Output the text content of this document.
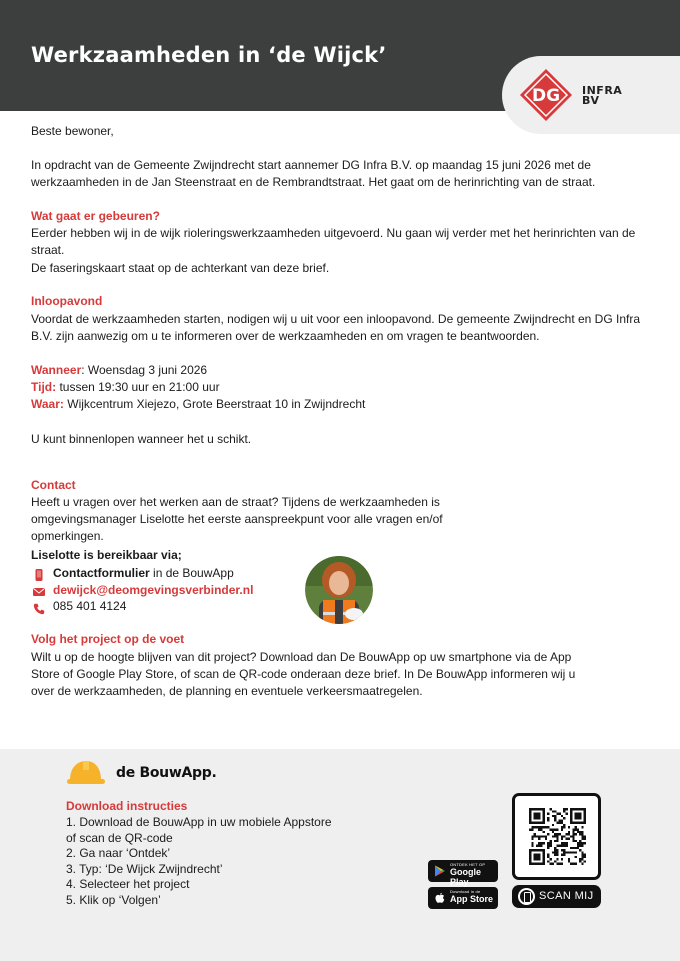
Werkzaamheden in ‘de Wijck’
DG INFRA
BV
Beste bewoner,
In opdracht van de Gemeente Zwijndrecht start aannemer DG Infra B.V. op maandag 15 juni 2026 met de werkzaamheden in de Jan Steenstraat en de Rembrandtstraat. Het gaat om de herinrichting van de straat.
Wat gaat er gebeuren?
Eerder hebben wij in de wijk rioleringswerkzaamheden uitgevoerd. Nu gaan wij verder met het herinrichten van de straat.
De faseringskaart staat op de achterkant van deze brief.
Inloopavond
Voordat de werkzaamheden starten, nodigen wij u uit voor een inloopavond. De gemeente Zwijndrecht en DG Infra B.V. zijn aanwezig om u te informeren over de werkzaamheden en om vragen te beantwoorden.
Wanneer: Woensdag 3 juni 2026
Tijd: tussen 19:30 uur en 21:00 uur
Waar: Wijkcentrum Xiejezo, Grote Beerstraat 10 in Zwijndrecht
U kunt binnenlopen wanneer het u schikt.
Contact
Heeft u vragen over het werken aan de straat? Tijdens de werkzaamheden is omgevingsmanager Liselotte het eerste aanspreekpunt voor alle vragen en/of opmerkingen.
Liselotte is bereikbaar via;
Contactformulier in de BouwApp
dewijck@deomgevingsverbinder.nl
085 401 4124
Volg het project op de voet
Wilt u op de hoogte blijven van dit project? Download dan De BouwApp op uw smartphone via de App Store of Google Play Store, of scan de QR-code onderaan deze brief. In De BouwApp informeren wij u over de werkzaamheden, de planning en eventuele verkeersmaatregelen.
de BouwApp.
Download instructies
1. Download de BouwApp in uw mobiele Appstore
of scan de QR-code
2. Ga naar ‘Ontdek’
3. Typ: ‘De Wijck Zwijndrecht’
4. Selecteer het project
5. Klik op ‘Volgen’
ONTDEK HET OP
Google Play
Download in de
App Store	SCAN MIJ
